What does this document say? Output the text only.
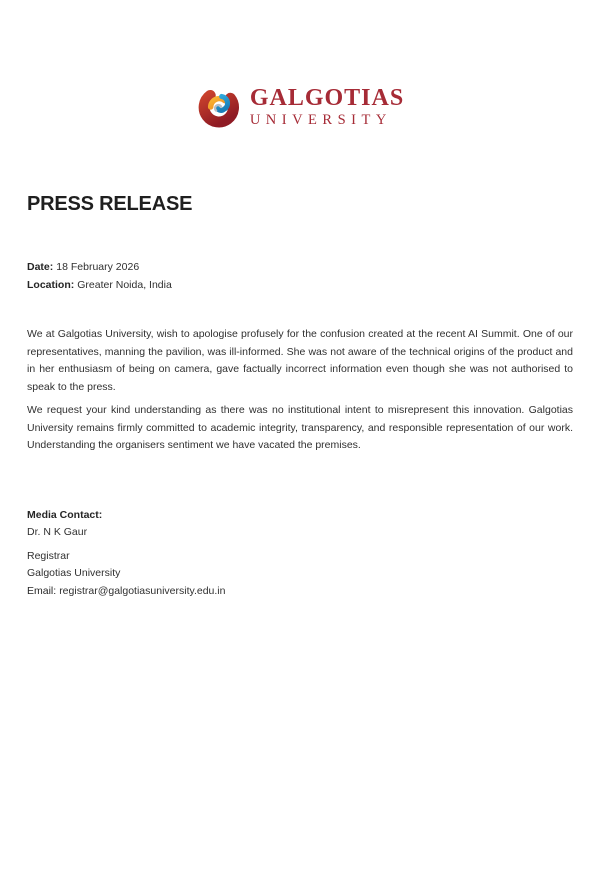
GALGOTIAS
UNIVERSITY
PRESS RELEASE
Date: 18 February 2026
Location: Greater Noida, India

We at Galgotias University, wish to apologise profusely for the confusion created at the recent AI Summit. One of our representatives, manning the pavilion, was ill-informed. She was not aware of the technical origins of the product and in her enthusiasm of being on camera, gave factually incorrect information even though she was not authorised to speak to the press.

We request your kind understanding as there was no institutional intent to misrepresent this innovation. Galgotias University remains firmly committed to academic integrity, transparency, and responsible representation of our work. Understanding the organisers sentiment we have vacated the premises.

Media Contact:
Dr. N K Gaur

Registrar
Galgotias University
Email: registrar@galgotiasuniversity.edu.in
